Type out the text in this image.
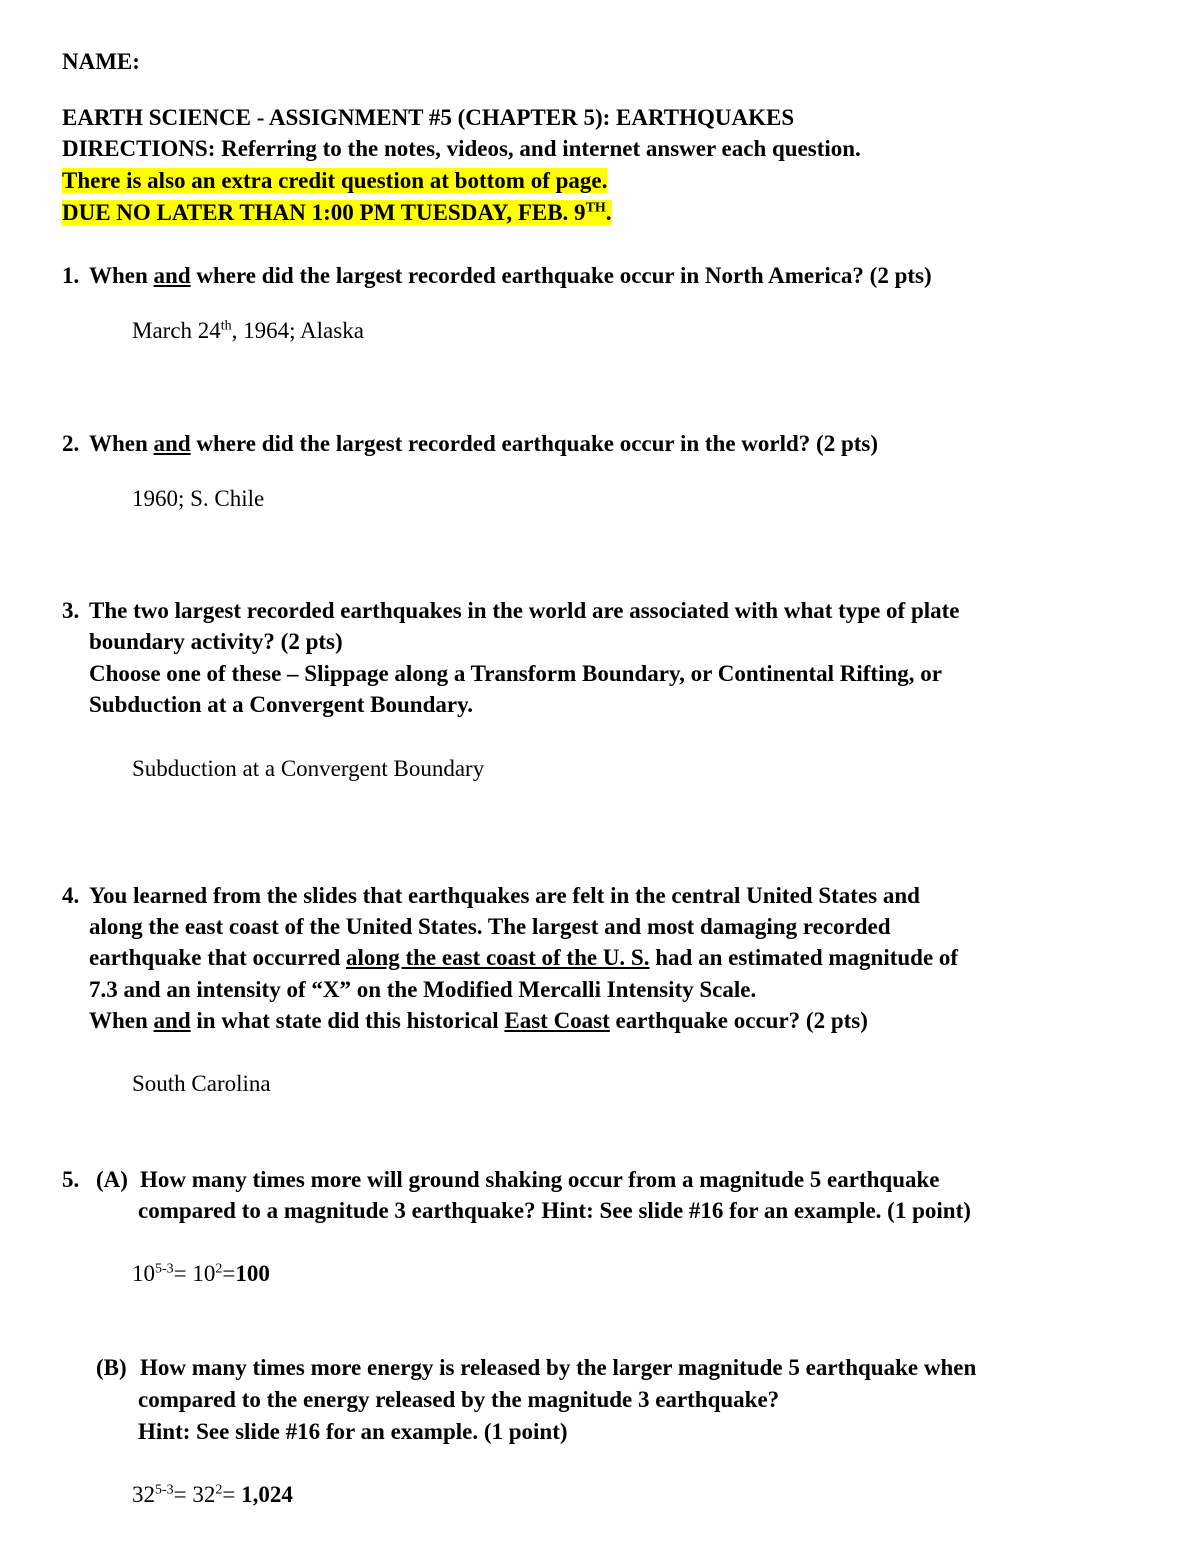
NAME:
EARTH SCIENCE - ASSIGNMENT #5 (CHAPTER 5): EARTHQUAKES
DIRECTIONS: Referring to the notes, videos, and internet answer each question.
There is also an extra credit question at bottom of page.
DUE NO LATER THAN 1:00 PM TUESDAY, FEB. 9TH.
1. When and where did the largest recorded earthquake occur in North America? (2 pts)
March 24th, 1964; Alaska
2. When and where did the largest recorded earthquake occur in the world? (2 pts)
1960; S. Chile
3. The two largest recorded earthquakes in the world are associated with what type of plate
boundary activity? (2 pts)
Choose one of these – Slippage along a Transform Boundary, or Continental Rifting, or
Subduction at a Convergent Boundary.
Subduction at a Convergent Boundary
4. You learned from the slides that earthquakes are felt in the central United States and
along the east coast of the United States. The largest and most damaging recorded
earthquake that occurred along the east coast of the U. S. had an estimated magnitude of
7.3 and an intensity of “X” on the Modified Mercalli Intensity Scale.
When and in what state did this historical East Coast earthquake occur? (2 pts)
South Carolina
5. (A) How many times more will ground shaking occur from a magnitude 5 earthquake
compared to a magnitude 3 earthquake? Hint: See slide #16 for an example. (1 point)
$10^{5-3}= 10^2=100$
(B) How many times more energy is released by the larger magnitude 5 earthquake when
compared to the energy released by the magnitude 3 earthquake?
Hint: See slide #16 for an example. (1 point)
$32^{5-3}= 32^2= 1,024$
